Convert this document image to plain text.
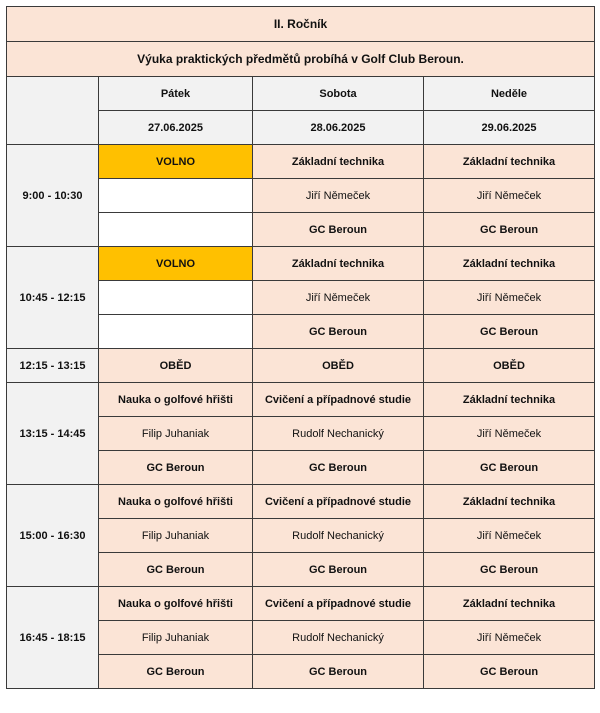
II. Ročník			
Výuka praktických předmětů probíhá v Golf Club Beroun.			
	Pátek	Sobota	Neděle
	27.06.2025	28.06.2025	29.06.2025
9:00 - 10:30	VOLNO	Základní technika	Základní technika
		Jiří Němeček	Jiří Němeček
		GC Beroun	GC Beroun
10:45 - 12:15	VOLNO	Základní technika	Základní technika
		Jiří Němeček	Jiří Němeček
		GC Beroun	GC Beroun
12:15 - 13:15	OBĚD	OBĚD	OBĚD
13:15 - 14:45	Nauka o golfové hřišti	Cvičení a případnové studie	Základní technika
	Filip Juhaniak	Rudolf Nechanický	Jiří Němeček
	GC Beroun	GC Beroun	GC Beroun
15:00 - 16:30	Nauka o golfové hřišti	Cvičení a případnové studie	Základní technika
	Filip Juhaniak	Rudolf Nechanický	Jiří Němeček
	GC Beroun	GC Beroun	GC Beroun
16:45 - 18:15	Nauka o golfové hřišti	Cvičení a případnové studie	Základní technika
	Filip Juhaniak	Rudolf Nechanický	Jiří Němeček
	GC Beroun	GC Beroun	GC Beroun
